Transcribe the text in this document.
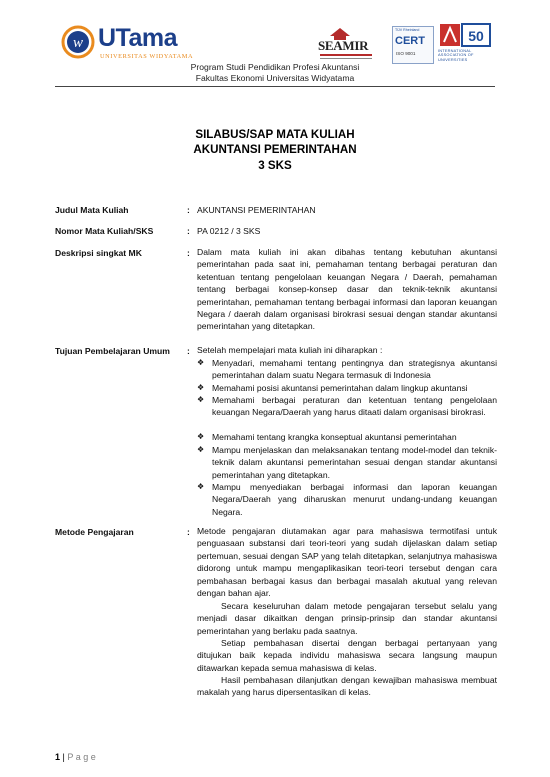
w UTama
UNIVERSITAS WIDYATAMA
SEAMIR
TÜV Rheinland
CERT
ISO 9001
50
INTERNATIONAL ASSOCIATION OF UNIVERSITIES
Program Studi Pendidikan Profesi Akuntansi
Fakultas Ekonomi Universitas Widyatama
SILABUS/SAP MATA KULIAH
AKUNTANSI PEMERINTAHAN
3 SKS
Judul Mata Kuliah	: AKUNTANSI PEMERINTAHAN
Nomor Mata Kuliah/SKS	: PA 0212 / 3 SKS
Deskripsi singkat MK	: Dalam mata kuliah ini akan dibahas tentang kebutuhan akuntansi pemerintahan pada saat ini, pemahaman tentang berbagai peraturan dan ketentuan tentang pengelolaan keuangan Negara / Daerah, pemahaman tentang berbagai konsep-konsep dasar dan teknik-teknik akuntansi pemerintahan, pemahaman tentang berbagai informasi dan laporan keuangan Negara / daerah dalam organisasi birokrasi sesuai dengan standar akuntansi pemerintahan yang ditetapkan.
Tujuan Pembelajaran Umum : Setelah mempelajari mata kuliah ini diharapkan :
❖ Menyadari, memahami tentang pentingnya dan strategisnya akuntansi pemerintahan dalam suatu Negara termasuk di Indonesia
❖ Memahami posisi akuntansi pemerintahan dalam lingkup akuntansi
❖ Memahami berbagai peraturan dan ketentuan tentang pengelolaan keuangan Negara/Daerah yang harus ditaati dalam organisasi birokrasi.
❖ Memahami tentang krangka konseptual akuntansi pemerintahan
❖ Mampu menjelaskan dan melaksanakan tentang model-model dan teknik-teknik dalam akuntansi pemerintahan sesuai dengan standar akuntansi pemerintahan yang ditetapkan.
❖ Mampu menyediakan berbagai informasi dan laporan keuangan Negara/Daerah yang diharuskan menurut undang-undang keuangan Negara.
Metode Pengajaran	: Metode pengajaran diutamakan agar para mahasiswa termotifasi untuk penguasaan substansi dari teori-teori yang sudah dijelaskan dalam setiap pertemuan, sesuai dengan SAP yang telah ditetapkan, selanjutnya mahasiswa didorong untuk mampu mengaplikasikan teori-teori tersebut dengan cara pembahasan berbagai kasus dan berbagai masalah akutual yang relevan dengan bahan ajar.
Secara keseluruhan dalam metode pengajaran tersebut selalu yang menjadi dasar dikaitkan dengan prinsip-prinsip dan standar akuntansi pemerintahan yang berlaku pada saatnya.
Setiap pembahasan disertai dengan berbagai pertanyaan yang ditujukan baik kepada individu mahasiswa secara langsung maupun ditawarkan kepada semua mahasiswa di kelas.
Hasil pembahasan dilanjutkan dengan kewajiban mahasiswa membuat makalah yang harus dipersentasikan di kelas.
1 | P a g e
